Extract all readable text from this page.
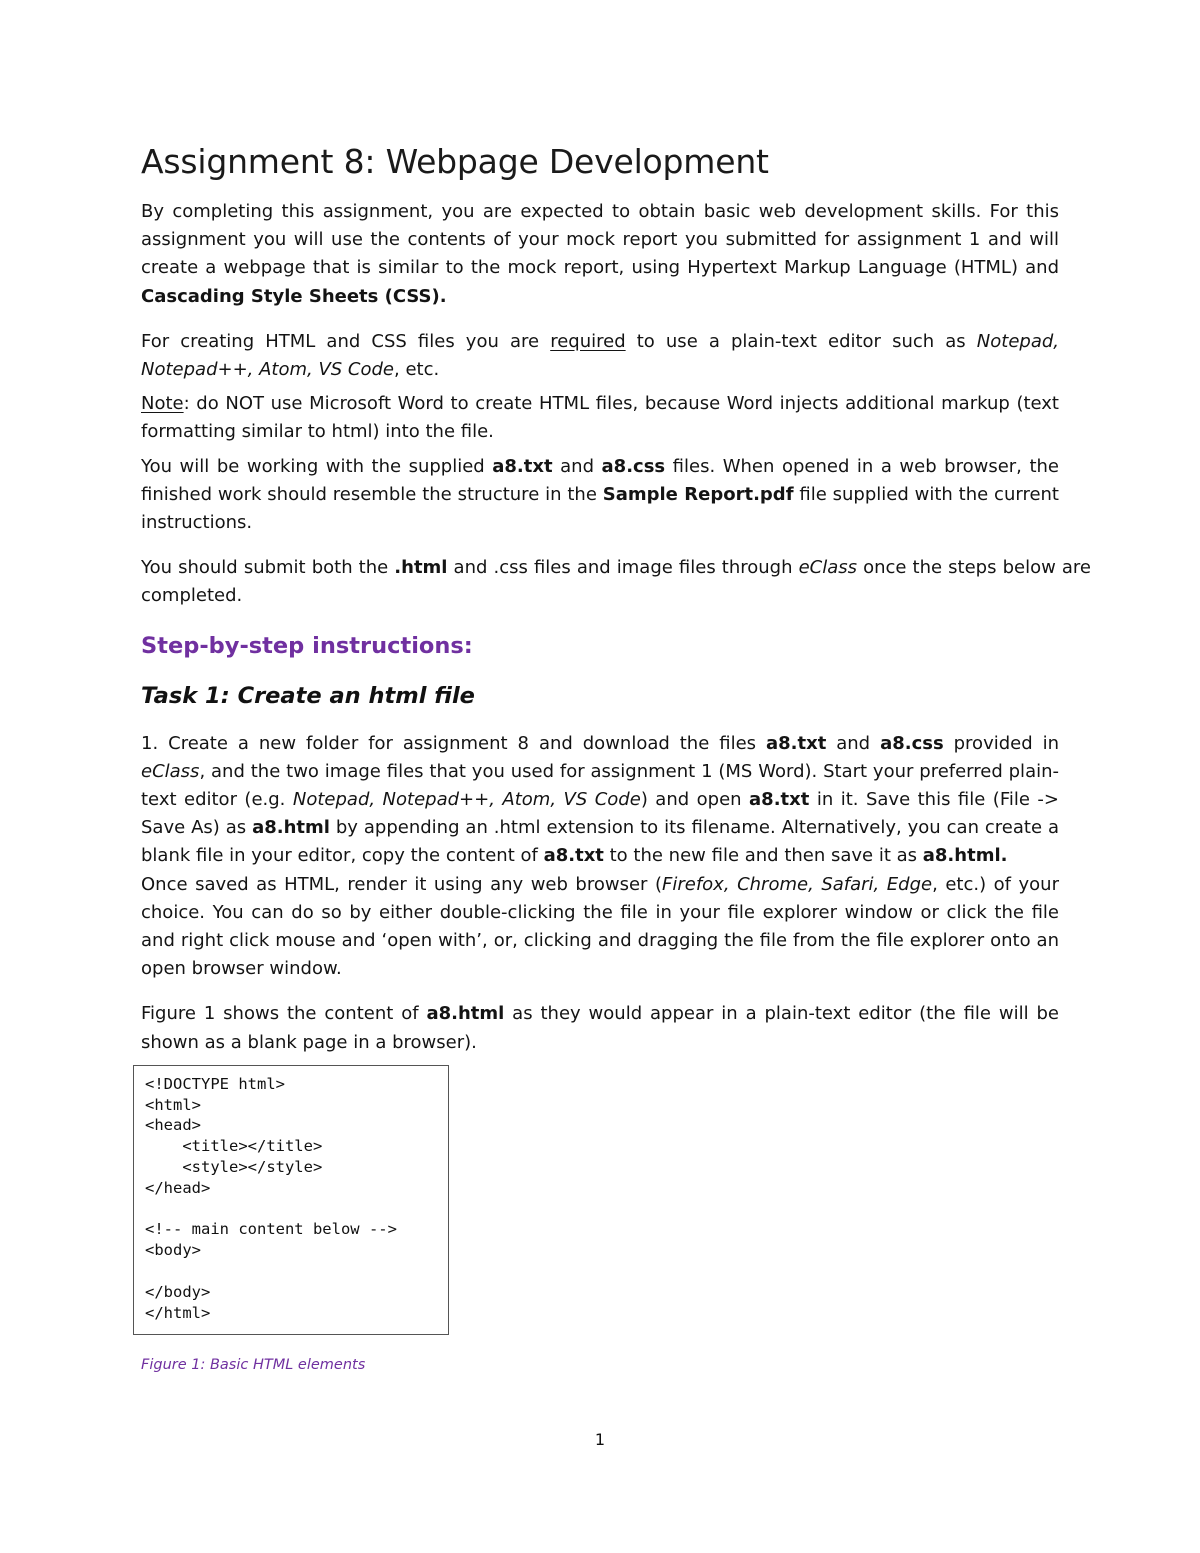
Assignment 8: Webpage Development

By completing this assignment, you are expected to obtain basic web development skills. For this assignment you will use the contents of your mock report you submitted for assignment 1 and will create a webpage that is similar to the mock report, using Hypertext Markup Language (HTML) and Cascading Style Sheets (CSS).

For creating HTML and CSS files you are required to use a plain-text editor such as Notepad, Notepad++, Atom, VS Code, etc.

Note: do NOT use Microsoft Word to create HTML files, because Word injects additional markup (text formatting similar to html) into the file.

You will be working with the supplied a8.txt and a8.css files. When opened in a web browser, the finished work should resemble the structure in the Sample Report.pdf file supplied with the current instructions.

You should submit both the .html and .css files and image files through eClass once the steps below are completed.

Step-by-step instructions:
Task 1: Create an html file

1. Create a new folder for assignment 8 and download the files a8.txt and a8.css provided in eClass, and the two image files that you used for assignment 1 (MS Word). Start your preferred plain-text editor (e.g. Notepad, Notepad++, Atom, VS Code) and open a8.txt in it. Save this file (File -> Save As) as a8.html by appending an .html extension to its filename. Alternatively, you can create a blank file in your editor, copy the content of a8.txt to the new file and then save it as a8.html.

Once saved as HTML, render it using any web browser (Firefox, Chrome, Safari, Edge, etc.) of your choice. You can do so by either double-clicking the file in your file explorer window or click the file and right click mouse and ‘open with’, or, clicking and dragging the file from the file explorer onto an open browser window.

Figure 1 shows the content of a8.html as they would appear in a plain-text editor (the file will be shown as a blank page in a browser).

<!DOCTYPE html>
<html>
<head>
<title></title>
<style></style>
</head>
<!-- main content below -->
<body>
</body>
</html>

Figure 1: Basic HTML elements

1
